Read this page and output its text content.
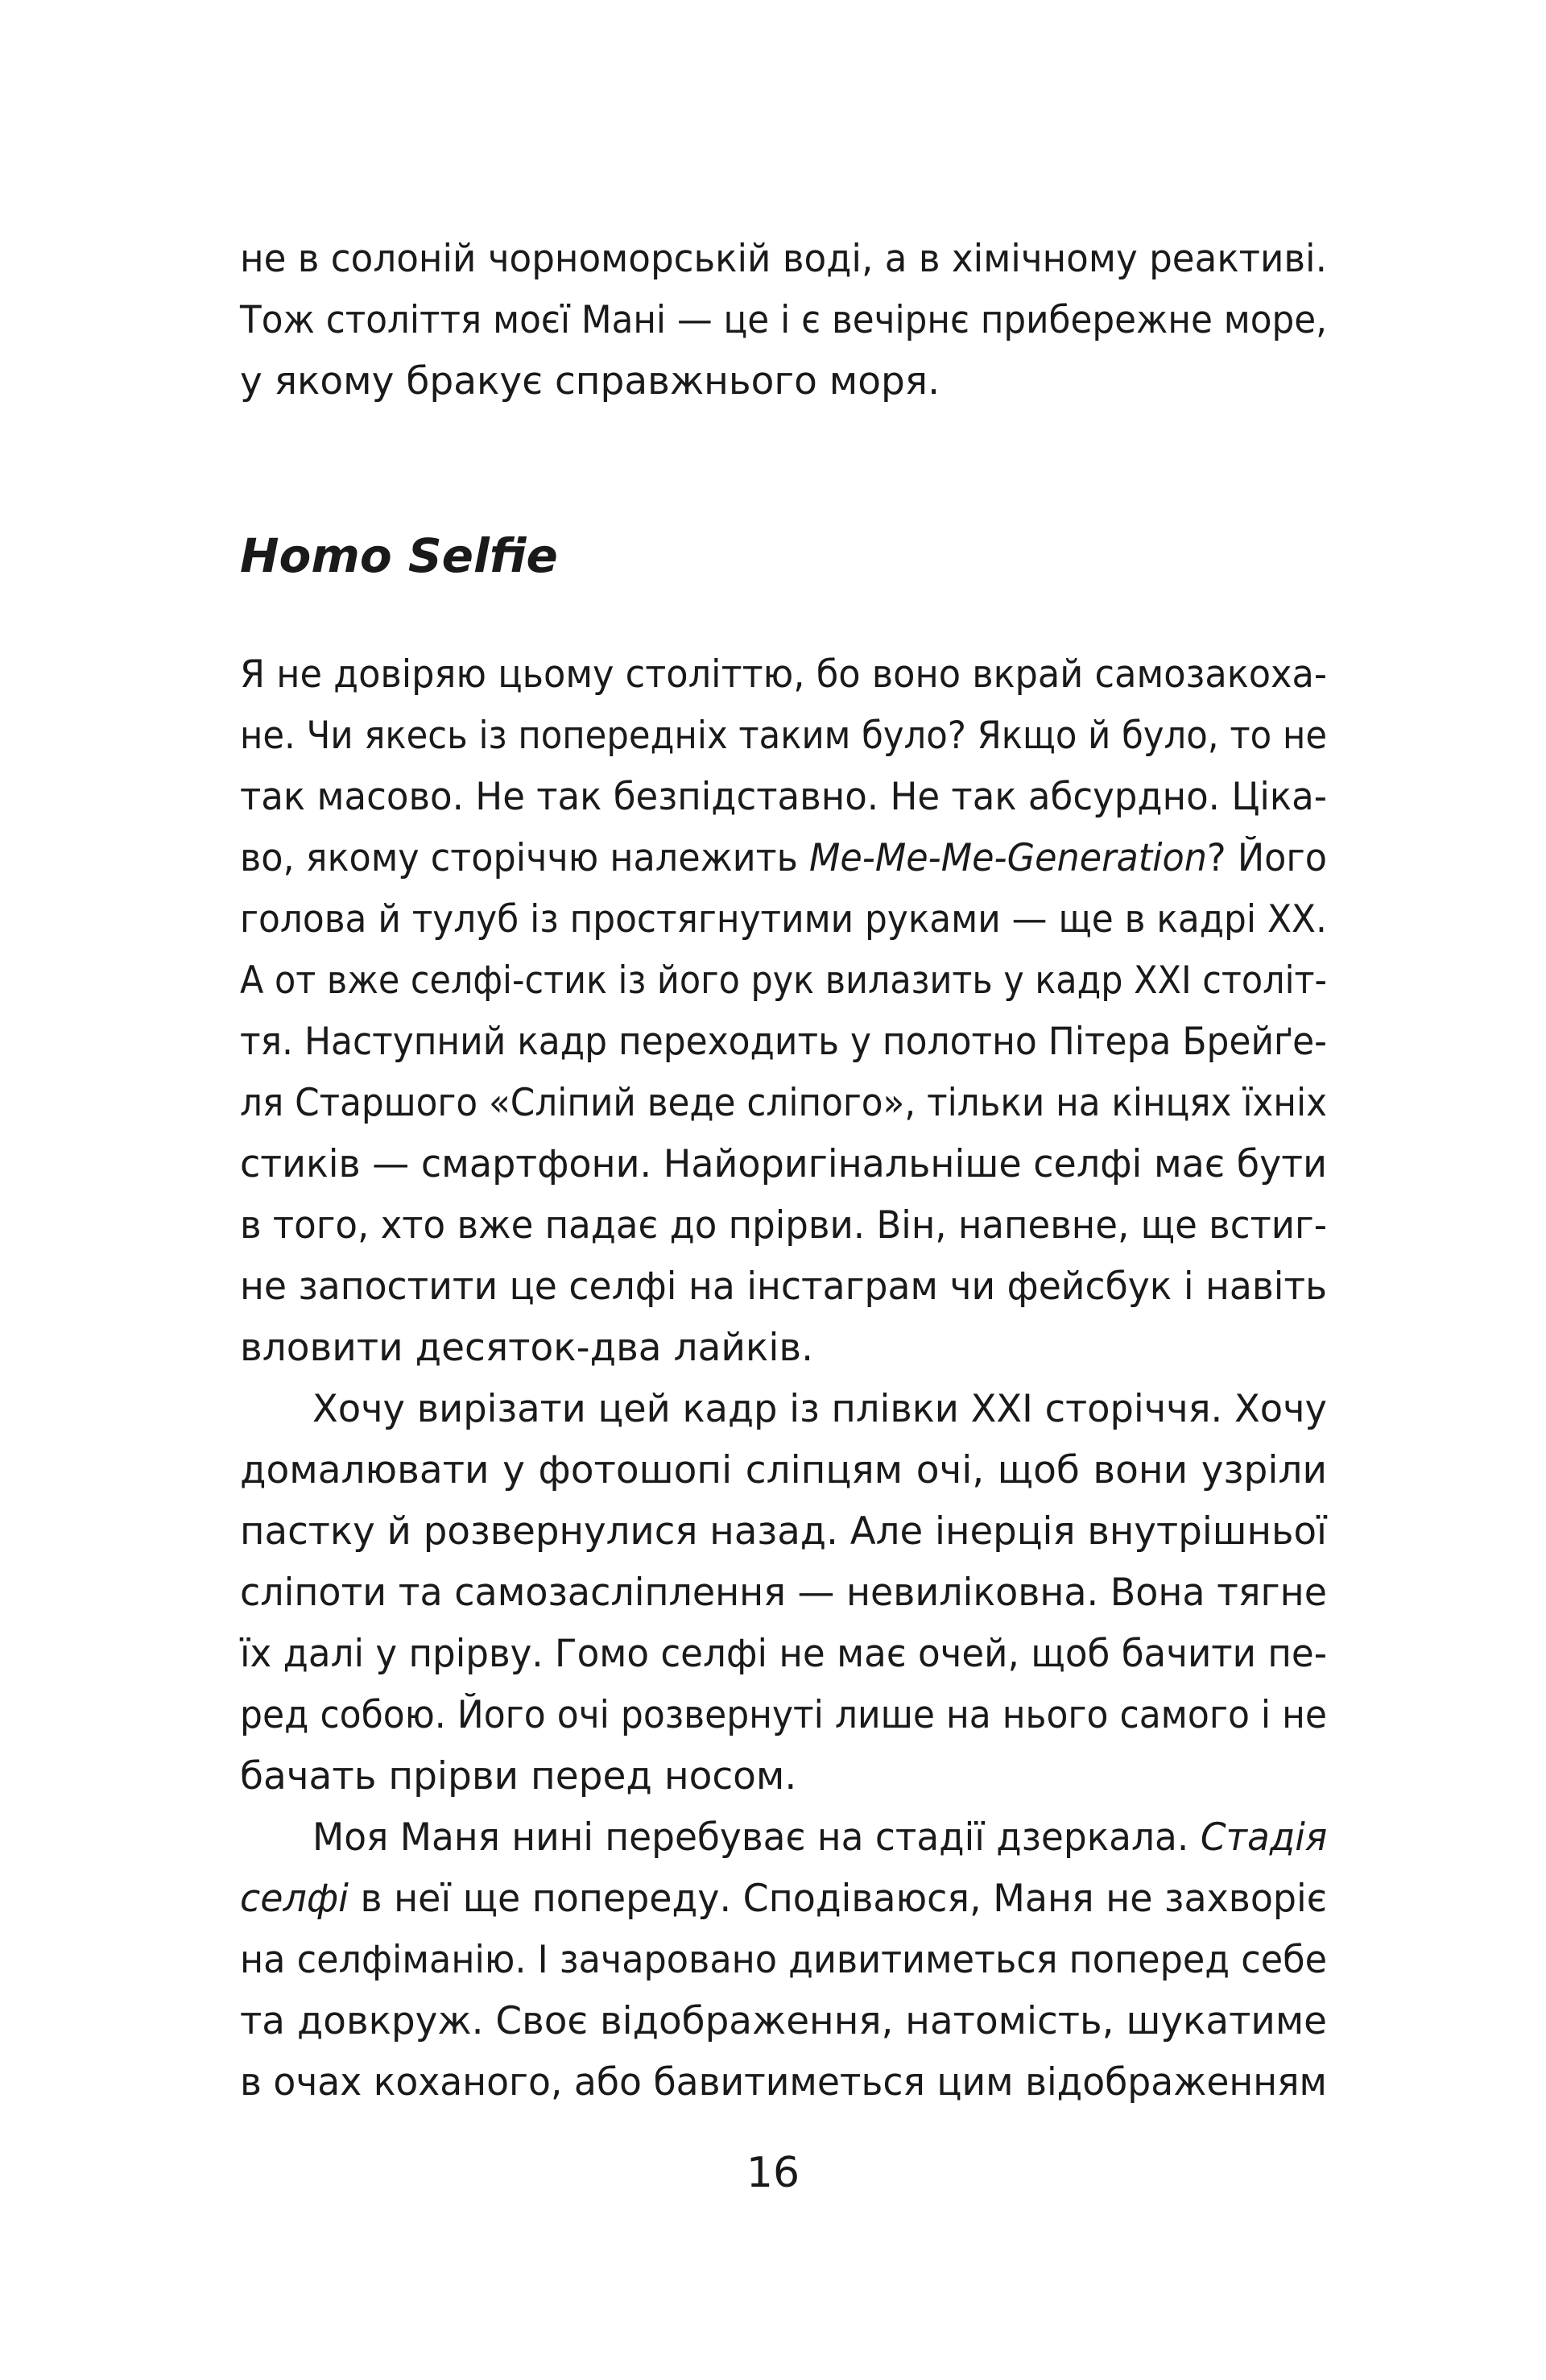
не в солоній чорноморській воді, а в хімічному реактиві.
Тож століття моєї Мані — це і є вечірнє прибережне море,
у якому бракує справжнього моря.
Homo Selfie
Я не довіряю цьому століттю, бо воно вкрай самозакоха-
не. Чи якесь із попередніх таким було? Якщо й було, то не
так масово. Не так безпідставно. Не так абсурдно. Ціка-
во, якому сторіччю належить Me-Me-Me-Generation? Його
голова й тулуб із простягнутими руками — ще в кадрі XX.
А от вже селфі-стик із його рук вилазить у кадр XXI століт-
тя. Наступний кадр переходить у полотно Пітера Брейґе-
ля Старшого «Сліпий веде сліпого», тільки на кінцях їхніх
стиків — смартфони. Найоригінальніше селфі має бути
в того, хто вже падає до прірви. Він, напевне, ще встиг-
не запостити це селфі на інстаграм чи фейсбук і навіть
вловити десяток-два лайків.
Хочу вирізати цей кадр із плівки XXI сторіччя. Хочу
домалювати у фотошопі сліпцям очі, щоб вони узріли
пастку й розвернулися назад. Але інерція внутрішньої
сліпоти та самозасліплення — невиліковна. Вона тягне
їх далі у прірву. Гомо селфі не має очей, щоб бачити пе-
ред собою. Його очі розвернуті лише на нього самого і не
бачать прірви перед носом.
Моя Маня нині перебуває на стадії дзеркала. Стадія
селфі в неї ще попереду. Сподіваюся, Маня не захворіє
на селфіманію. І зачаровано дивитиметься поперед себе
та довкруж. Своє відображення, натомість, шукатиме
в очах коханого, або бавитиметься цим відображенням
16
